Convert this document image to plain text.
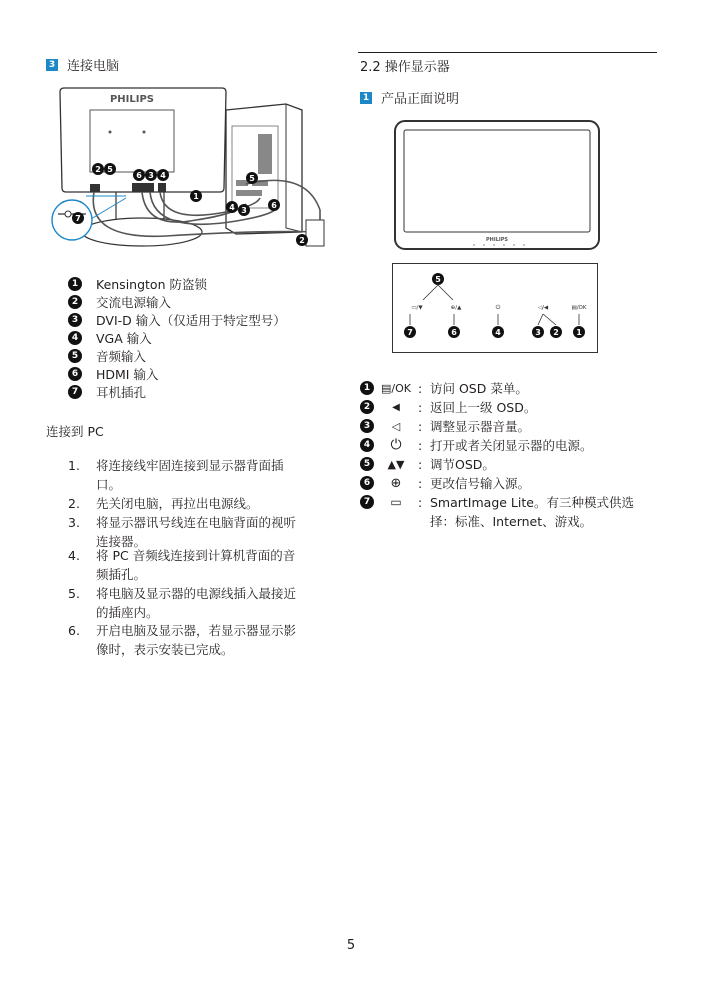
3 连接电脑
PHILIPS
2 5
6 3 4
1
5
4 3
6
2
7
1	Kensington 防盗锁
2	交流电源输入
3	DVI-D 输入（仅适用于特定型号）
4	VGA 输入
5	音频输入
6	HDMI 输入
7	耳机插孔
连接到 PC
1.	将连接线牢固连接到显示器背面插
口。
2.	先关闭电脑，再拉出电源线。
3.	将显示器讯号线连在电脑背面的视听
连接器。
4.	将 PC 音频线连接到计算机背面的音
频插孔。
5.	将电脑及显示器的电源线插入最接近
的插座内。
6.	开启电脑及显示器，若显示器显示影
像时，表示安装已完成。
2.2 操作显示器
1 产品正面说明
PHILIPS
5
▭/▼	⊕/▲	⏻	◁/◀	▤/OK
7	6	4	3 2 1
1 ▤/OK : 访问 OSD 菜单。
2	◀	: 返回上一级 OSD。
3	◁	: 调整显示器音量。
4	⏻	: 打开或者关闭显示器的电源。
5	▲▼	: 调节OSD。
6	⊕	: 更改信号输入源。
7	▭	: SmartImage Lite。有三种模式供选
择：标准、Internet、游戏。
5
